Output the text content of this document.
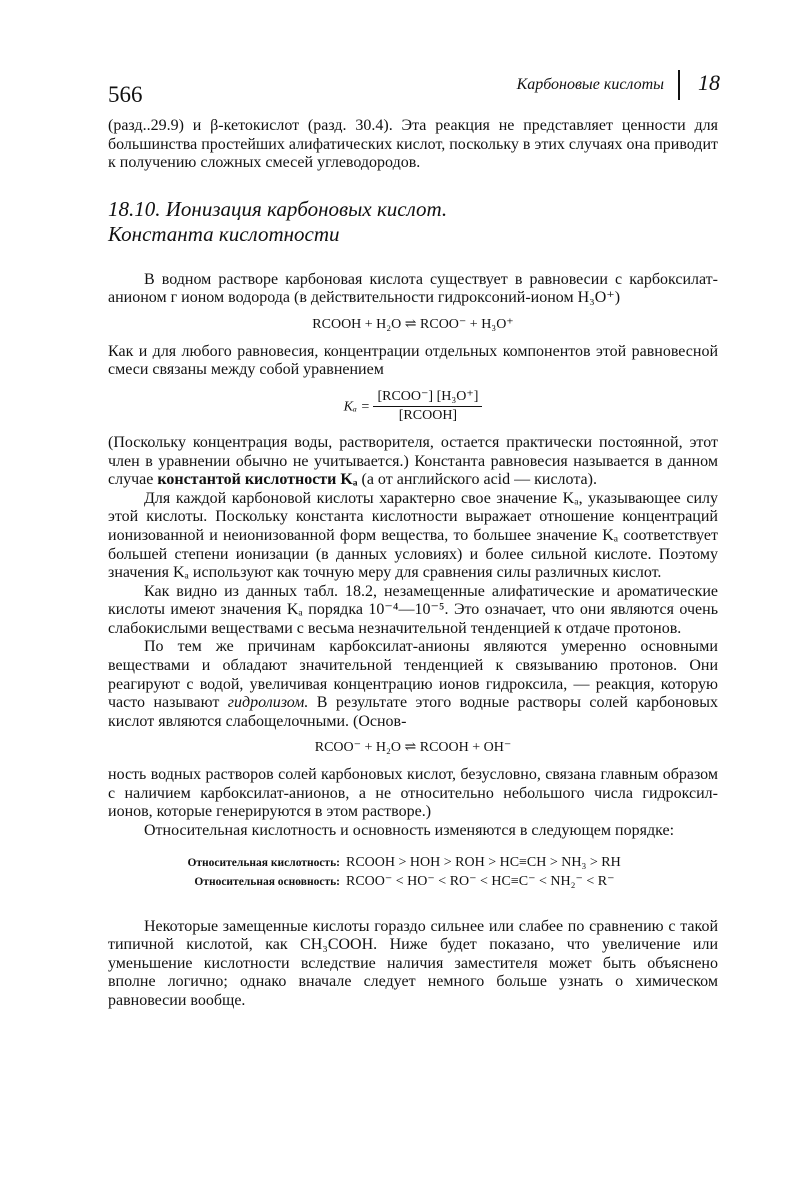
566	Карбоновые кислоты 18

(разд..29.9) и β-кетокислот (разд. 30.4). Эта реакция не представляет ценности для большинства простейших алифатических кислот, поскольку в этих случаях она приводит к получению сложных смесей углеводородов.

18.10. Ионизация карбоновых кислот.
Константа кислотности

В водном растворе карбоновая кислота существует в равновесии с карбоксилат-анионом г ионом водорода (в действительности гидроксоний-ионом H₃O⁺)

RCOOH + H₂O ⇌ RCOO⁻ + H₃O⁺

Как и для любого равновесия, концентрации отдельных компонентов этой равновесной смеси связаны между собой уравнением

$K_a = \frac{\text{[RCOO⁻] [H₃O⁺]}}{\text{[RCOOH]}}$

(Поскольку концентрация воды, растворителя, остается практически постоянной, этот член в уравнении обычно не учитывается.) Константа равновесия называется в данном случае константой кислотности Kₐ (a от английского acid — кислота).

Для каждой карбоновой кислоты характерно свое значение Kₐ, указывающее силу этой кислоты. Поскольку константа кислотности выражает отношение концентраций ионизованной и неионизованной форм вещества, то большее значение Kₐ соответствует большей степени ионизации (в данных условиях) и более сильной кислоте. Поэтому значения Kₐ используют как точную меру для сравнения силы различных кислот.

Как видно из данных табл. 18.2, незамещенные алифатические и ароматические кислоты имеют значения Kₐ порядка 10⁻⁴—10⁻⁵. Это означает, что они являются очень слабокислыми веществами с весьма незначительной тенденцией к отдаче протонов.

По тем же причинам карбоксилат-анионы являются умеренно основными веществами и обладают значительной тенденцией к связыванию протонов. Они реагируют с водой, увеличивая концентрацию ионов гидроксила, — реакция, которую часто называют гидролизом. В результате этого водные растворы солей карбоновых кислот являются слабощелочными. (Основ-

RCOO⁻ + H₂O ⇌ RCOOH + OH⁻

ность водных растворов солей карбоновых кислот, безусловно, связана главным образом с наличием карбоксилат-анионов, а не относительно небольшого числа гидроксил-ионов, которые генерируются в этом растворе.)

Относительная кислотность и основность изменяются в следующем порядке:

Относительная кислотность: RCOOH > HOH > ROH > HC≡CH > NH₃ > RH
Относительная основность: RCOO⁻ < HO⁻ < RO⁻ < HC≡C⁻ < NH₂⁻ < R⁻

Некоторые замещенные кислоты гораздо сильнее или слабее по сравнению с такой типичной кислотой, как CH₃COOH. Ниже будет показано, что увеличение или уменьшение кислотности вследствие наличия заместителя может быть объяснено вполне логично; однако вначале следует немного больше узнать о химическом равновесии вообще.
